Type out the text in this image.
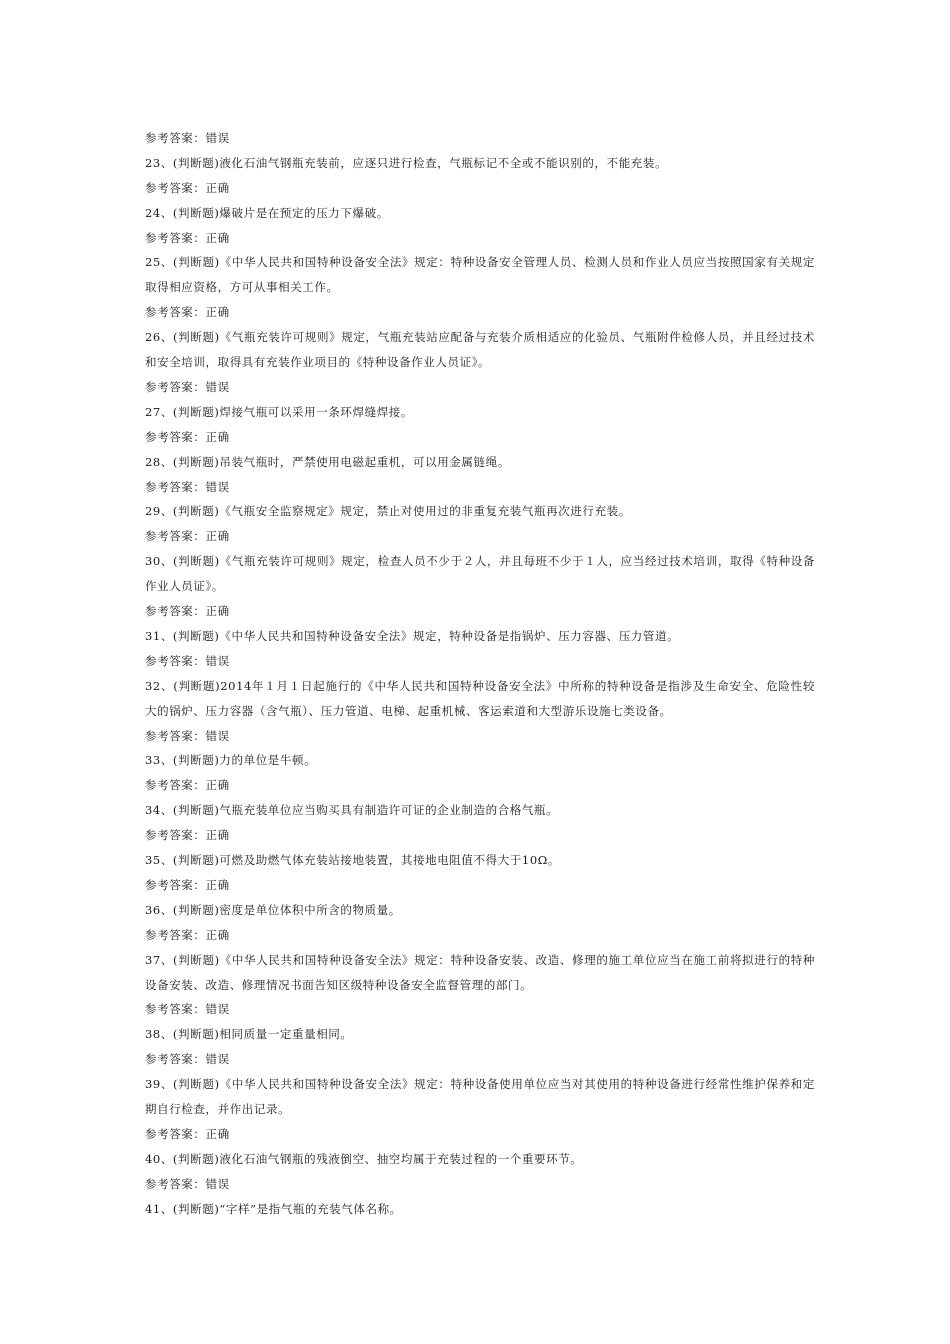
参考答案：错误
23、(判断题)液化石油气钢瓶充装前，应逐只进行检查，气瓶标记不全或不能识别的，不能充装。
参考答案：正确
24、(判断题)爆破片是在预定的压力下爆破。
参考答案：正确
25、(判断题)《中华人民共和国特种设备安全法》规定：特种设备安全管理人员、检测人员和作业人员应当按照国家有关规定取得相应资格，方可从事相关工作。
参考答案：正确
26、(判断题)《气瓶充装许可规则》规定，气瓶充装站应配备与充装介质相适应的化验员、气瓶附件检修人员，并且经过技术和安全培训，取得具有充装作业项目的《特种设备作业人员证》。
参考答案：错误
27、(判断题)焊接气瓶可以采用一条环焊缝焊接。
参考答案：正确
28、(判断题)吊装气瓶时，严禁使用电磁起重机，可以用金属链绳。
参考答案：错误
29、(判断题)《气瓶安全监察规定》规定，禁止对使用过的非重复充装气瓶再次进行充装。
参考答案：正确
30、(判断题)《气瓶充装许可规则》规定，检查人员不少于２人，并且每班不少于１人，应当经过技术培训，取得《特种设备作业人员证》。
参考答案：正确
31、(判断题)《中华人民共和国特种设备安全法》规定，特种设备是指锅炉、压力容器、压力管道。
参考答案：错误
32、(判断题)2014年１月１日起施行的《中华人民共和国特种设备安全法》中所称的特种设备是指涉及生命安全、危险性较大的锅炉、压力容器（含气瓶）、压力管道、电梯、起重机械、客运索道和大型游乐设施七类设备。
参考答案：错误
33、(判断题)力的单位是牛顿。
参考答案：正确
34、(判断题)气瓶充装单位应当购买具有制造许可证的企业制造的合格气瓶。
参考答案：正确
35、(判断题)可燃及助燃气体充装站接地装置，其接地电阻值不得大于10Ω。
参考答案：正确
36、(判断题)密度是单位体积中所含的物质量。
参考答案：正确
37、(判断题)《中华人民共和国特种设备安全法》规定：特种设备安装、改造、修理的施工单位应当在施工前将拟进行的特种设备安装、改造、修理情况书面告知区级特种设备安全监督管理的部门。
参考答案：错误
38、(判断题)相同质量一定重量相同。
参考答案：错误
39、(判断题)《中华人民共和国特种设备安全法》规定：特种设备使用单位应当对其使用的特种设备进行经常性维护保养和定期自行检查，并作出记录。
参考答案：正确
40、(判断题)液化石油气钢瓶的残液倒空、抽空均属于充装过程的一个重要环节。
参考答案：错误
41、(判断题)“字样”是指气瓶的充装气体名称。
